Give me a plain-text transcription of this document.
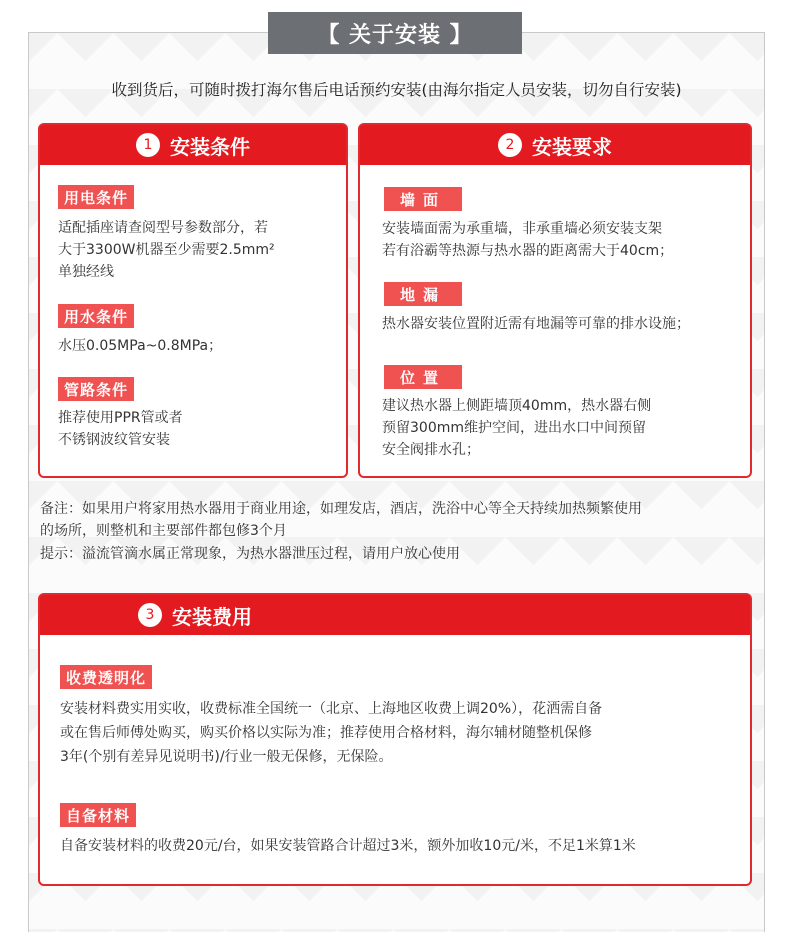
【 关于安装 】
收到货后，可随时拨打海尔售后电话预约安装(由海尔指定人员安装，切勿自行安装)
1 安装条件
用电条件
适配插座请查阅型号参数部分，若
大于3300W机器至少需要2.5mm²
单独经线
用水条件
水压0.05MPa~0.8MPa；
管路条件
推荐使用PPR管或者
不锈钢波纹管安装
2 安装要求
墙面
安装墙面需为承重墙，非承重墙必须安装支架
若有浴霸等热源与热水器的距离需大于40cm；
地漏
热水器安装位置附近需有地漏等可靠的排水设施；
位置
建议热水器上侧距墙顶40mm，热水器右侧
预留300mm维护空间，进出水口中间预留
安全阀排水孔；
备注：如果用户将家用热水器用于商业用途，如理发店，酒店，洗浴中心等全天持续加热频繁使用
的场所，则整机和主要部件都包修3个月
提示：溢流管滴水属正常现象，为热水器泄压过程，请用户放心使用
3 安装费用
收费透明化
安装材料费实用实收，收费标准全国统一（北京、上海地区收费上调20%），花洒需自备
或在售后师傅处购买，购买价格以实际为准；推荐使用合格材料，海尔辅材随整机保修
3年(个别有差异见说明书)/行业一般无保修，无保险。
自备材料
自备安装材料的收费20元/台，如果安装管路合计超过3米，额外加收10元/米，不足1米算1米
